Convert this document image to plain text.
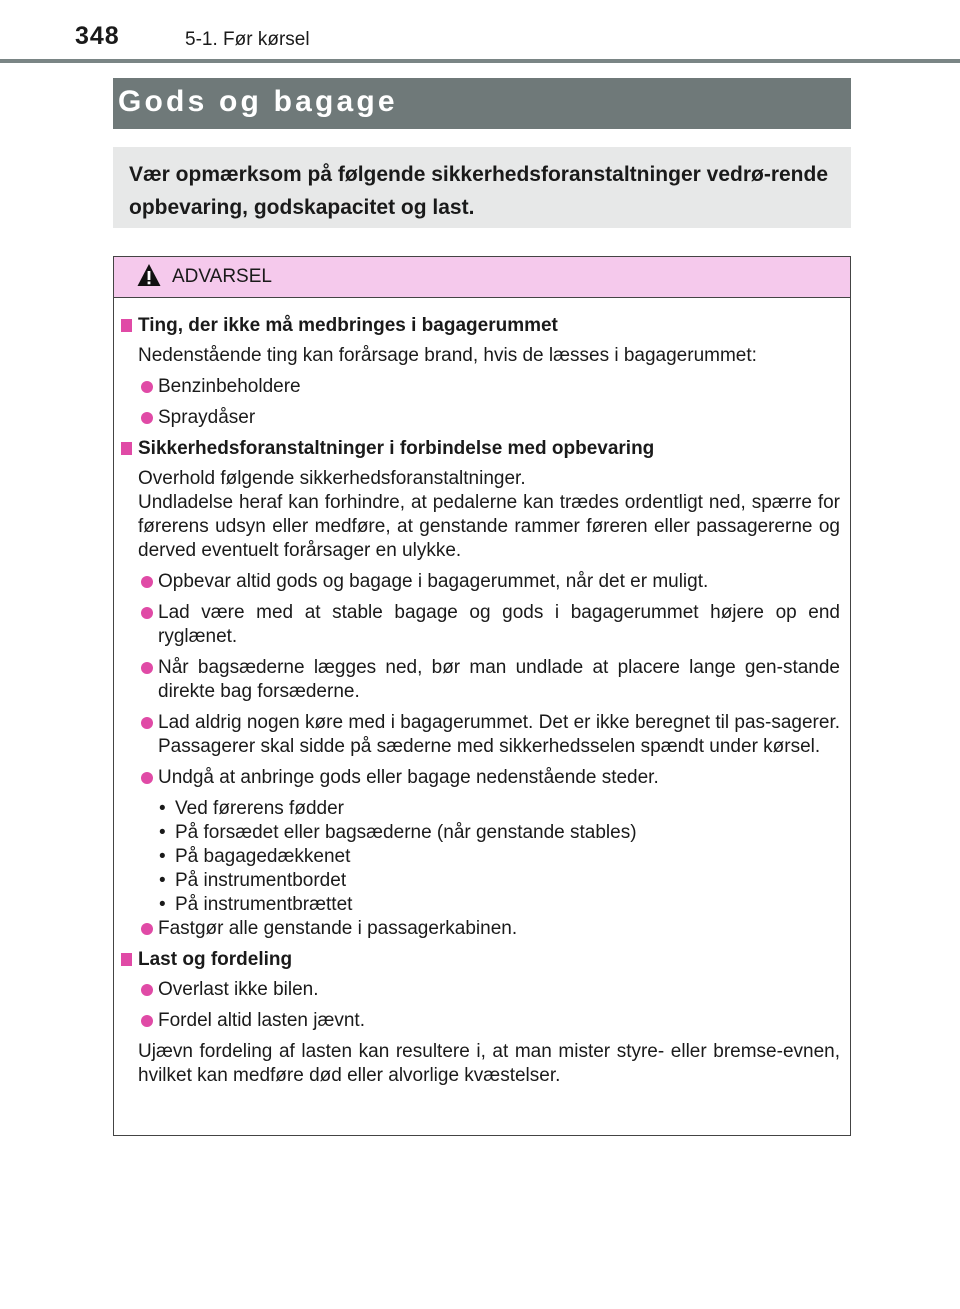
348	5-1. Før kørsel
Gods og bagage
Vær opmærksom på følgende sikkerhedsforanstaltninger vedrø-rende opbevaring, godskapacitet og last.
ADVARSEL
Ting, der ikke må medbringes i bagagerummet
Nedenstående ting kan forårsage brand, hvis de læsses i bagagerummet:
Benzinbeholdere
Spraydåser
Sikkerhedsforanstaltninger i forbindelse med opbevaring
Overhold følgende sikkerhedsforanstaltninger.
Undladelse heraf kan forhindre, at pedalerne kan trædes ordentligt ned, spærre for førerens udsyn eller medføre, at genstande rammer føreren eller passagererne og derved eventuelt forårsager en ulykke.
Opbevar altid gods og bagage i bagagerummet, når det er muligt.
Lad være med at stable bagage og gods i bagagerummet højere op end ryglænet.
Når bagsæderne lægges ned, bør man undlade at placere lange gen-stande direkte bag forsæderne.
Lad aldrig nogen køre med i bagagerummet. Det er ikke beregnet til pas-sagerer. Passagerer skal sidde på sæderne med sikkerhedsselen spændt under kørsel.
Undgå at anbringe gods eller bagage nedenstående steder.
• Ved førerens fødder
• På forsædet eller bagsæderne (når genstande stables)
• På bagagedækkenet
• På instrumentbordet
• På instrumentbrættet
Fastgør alle genstande i passagerkabinen.
Last og fordeling
Overlast ikke bilen.
Fordel altid lasten jævnt.
Ujævn fordeling af lasten kan resultere i, at man mister styre- eller bremse-evnen, hvilket kan medføre død eller alvorlige kvæstelser.
